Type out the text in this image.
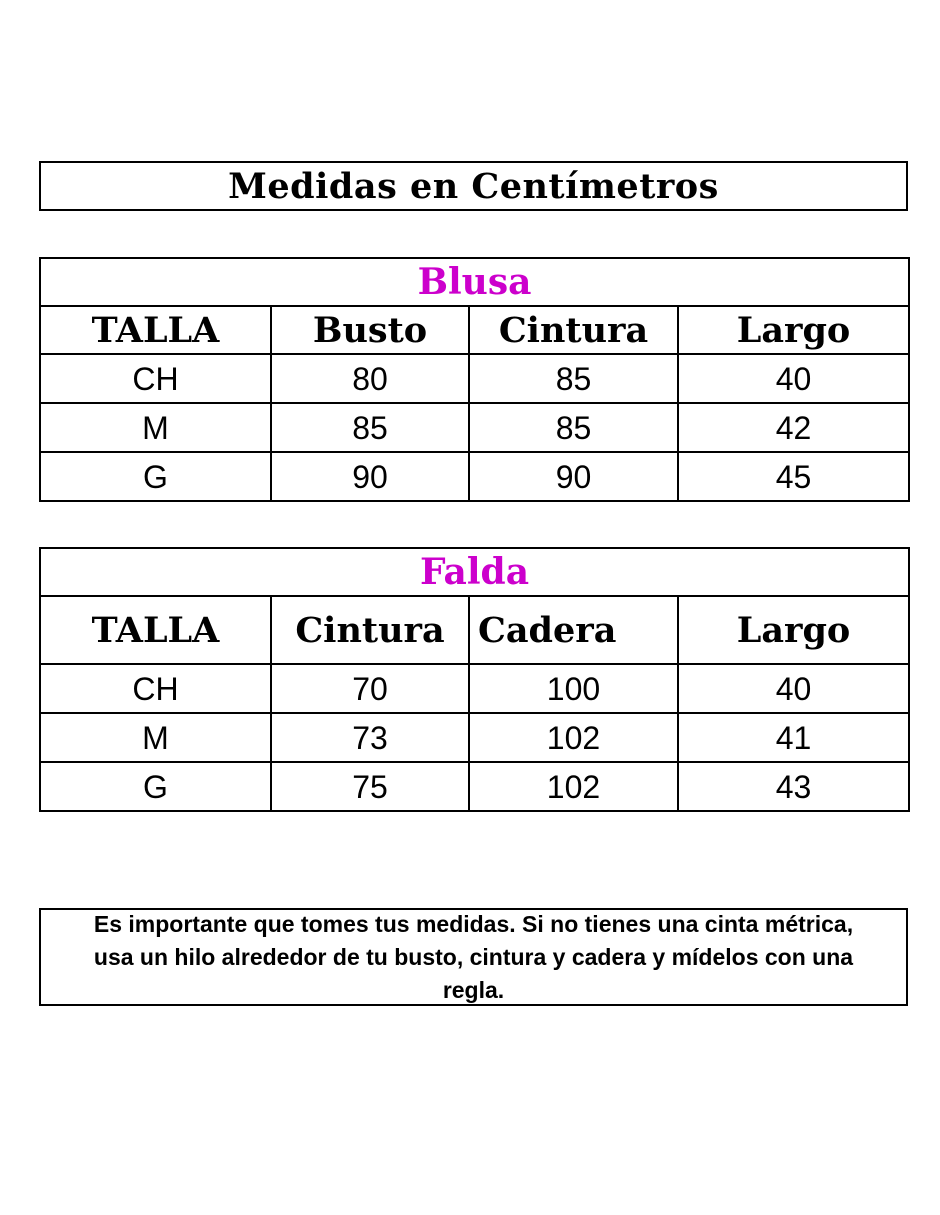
Medidas en Centímetros
Blusa			
TALLA	Busto	Cintura	Largo
CH	80	85	40
M	85	85	42
G	90	90	45
Falda			
TALLA	Cintura	Cadera	Largo
CH	70	100	40
M	73	102	41
G	75	102	43
Es importante que tomes tus medidas. Si no tienes una cinta métrica, usa un hilo alrededor de tu busto, cintura y cadera y mídelos con una regla.
